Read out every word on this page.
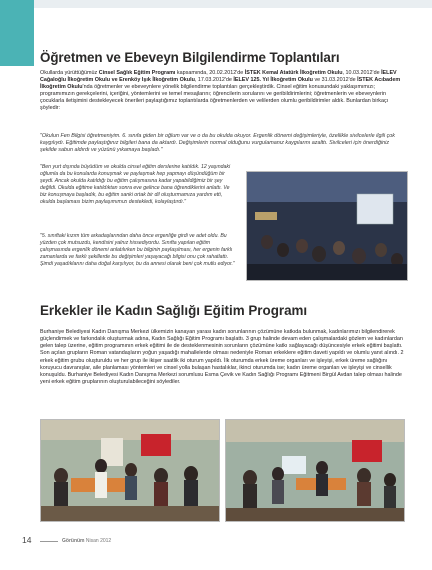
Öğretmen ve Ebeveyn Bilgilendirme Toplantıları

Okullarda yürüttüğümüz Cinsel Sağlık Eğitim Programı kapsamında, 20.02.2012'de İSTEK Kemal Atatürk İlkoğretim Okulu, 10.03.2012'de İELEV Cağaloğlu İlkoğretim Okulu ve Erenköy Işık İlkoğretim Okulu, 17.03.2012'de İELEV 125. Yıl İlkoğretim Okulu ve 31.03.2012'de İSTEK Acıbadem İlkoğretim Okulu'nda öğretmenler ve ebeveynlere yönelik bilgilendirme toplantıları gerçekleştirdik. Cinsel eğitim konusundaki yaklaşımımızı; programımızın gerekçelerini, içeriğini, yöntemlerini ve temel mesajlarını; öğrencilerin sorularını ve geribildirimlerini; öğretmenlerin ve ebeveynlerin çocuklarla iletişimini destekleyecek önerileri paylaştığımız toplantılarda öğretmenlerden ve velilerden olumlu geribildirimler aldık. Bunlardan birkaçı şöyledir:

"Okulun Fen Bilgisi öğretmeniyim. 6. sınıfa giden bir oğlum var ve o da bu okulda okuyor. Ergenlik dönemi değişimleriyle, özellikle sivilcelerle ilgili çok kaygılıydı. Eğitimde paylaştığınız bilgileri bana da aktardı. Değişimlerin normal olduğunu vurgulamanız kaygılarını azalttı. Sivilceleri için önerdiğiniz şekilde sabun aldırdı ve yüzünü yıkamaya başladı."

"Ben yurt dışında büyüdüm ve okulda cinsel eğitim derslerine katıldık. 12 yaşındaki oğlumla da bu konularda konuşmak ve paylaşmak hep yapmayı düşündüğüm bir şeydi. Ancak okulda katıldığı bu eğitim çalışmasına kadar yapabildiğimiz bir şey değildi. Okulda eğitime katıldıktan sonra eve gelince bana öğrendiklerini anlattı. Ve biz konuşmaya başladık, bu eğitim sanki ortak bir dil oluşturmamıza yardım etti, okulda başlaması bizim paylaşımımızı destekledi, kolaylaştırdı."

"5. sınıftaki kızım tüm arkadaşlarından daha önce ergenliğe girdi ve adet oldu. Bu yüzden çok mutsuzdu, kendisini yalnız hissediyordu. Sınıfta yapılan eğitim çalışmasında ergenlik dönemi anlatılırken bu bilginin paylaşılması, her ergenin farklı zamanlarda ve farklı şekillerde bu değişimleri yaşayacağı bilgisi onu çok rahatlattı. Şimdi yaşadıklarını daha doğal karşılıyor, bu da annesi olarak beni çok mutlu ediyor."

Erkekler ile Kadın Sağlığı Eğitim Programı

Burhaniye Belediyesi Kadın Danışma Merkezi ülkemizin kanayan yarası kadın sorunlarının çözümüne katkıda bulunmak, kadınlarımızı bilgilendirerek güçlendirmek ve farkındalık oluşturmak adına, Kadın Sağlığı Eğitim Programı başlattı. 3 grup halinde devam eden çalışmalardaki gözlem ve kadınlardan gelen talep üzerine, eğitim programının erkek eğitimi ile de desteklenmesinin sorunların çözümüne katkı sağlayacağı düşüncesiyle erkek eğitimi başlattı. Son açılan grupların Roman vatandaşların yoğun yaşadığı mahallelerde olması nedeniyle Roman erkeklere eğitim daveti yapıldı ve olumlu yanıt alındı. 2 erkek eğitim grubu oluşturuldu ve her grup ile ikişer saatlik iki oturum yapıldı. İlk oturumda erkek üreme organları ve işleyişi, erkek üreme sağlığını koruyucu davranışlar, aile planlaması yöntemleri ve cinsel yolla bulaşan hastalıklar, ikinci oturumda ise; kadın üreme organları ve işleyişi ve cinsellik konuşuldu. Burhaniye Belediyesi Kadın Danışma Merkezi sorumlusu Esma Çevik ve Kadın Sağlığı Programı Eğitmeni Birgül Avdan talep olması halinde yeni erkek eğitim gruplarının oluşturulabileceğini söylediler.

14	Görünüm Nisan 2012
